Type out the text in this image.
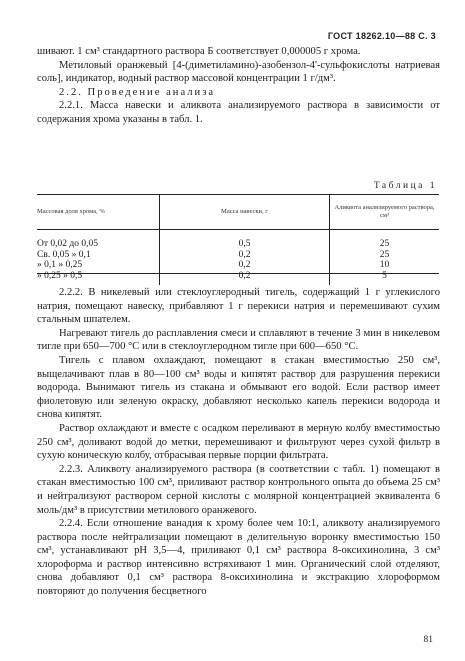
ГОСТ 18262.10—88 С. 3

шивают. 1 см³ стандартного раствора Б соответствует 0,000005 г хрома.

Метиловый оранжевый [4-(диметиламино)-азобензол-4'-сульфокислоты натриевая соль], индикатор, водный раствор массовой концентрации 1 г/дм³.

2.2. Проведение анализа

2.2.1. Масса навески и аликвота анализируемого раствора в зависимости от содержания хрома указаны в табл. 1.

Таблица 1
Массовая доля хрома, %	Масса навески, г	Аликвота анализируемого раствора, см³
От 0,02 до 0,05	0,5	25
Св. 0,05 » 0,1	0,2	25
» 0,1 » 0,25	0,2	10
» 0,25 » 0,5	0,2	5

2.2.2. В никелевый или стеклоуглеродный тигель, содержащий 1 г углекислого натрия, помещают навеску, прибавляют 1 г перекиси натрия и перемешивают сухим стальным шпателем.

Нагревают тигель до расплавления смеси и сплавляют в течение 3 мин в никелевом тигле при 650—700 °С или в стеклоуглеродном тигле при 600—650 °С.

Тигель с плавом охлаждают, помещают в стакан вместимостью 250 см³, выщелачивают плав в 80—100 см³ воды и кипятят раствор для разрушения перекиси водорода. Вынимают тигель из стакана и обмывают его водой. Если раствор имеет фиолетовую или зеленую окраску, добавляют несколько капель перекиси водорода и снова кипятят.

Раствор охлаждают и вместе с осадком переливают в мерную колбу вместимостью 250 см³, доливают водой до метки, перемешивают и фильтруют через сухой фильтр в сухую коническую колбу, отбрасывая первые порции фильтрата.

2.2.3. Аликвоту анализируемого раствора (в соответствии с табл. 1) помещают в стакан вместимостью 100 см³, приливают раствор контрольного опыта до объема 25 см³ и нейтрализуют раствором серной кислоты с молярной концентрацией эквивалента 6 моль/дм³ в присутствии метилового оранжевого.

2.2.4. Если отношение ванадия к хрому более чем 10:1, аликвоту анализируемого раствора после нейтрализации помещают в делительную воронку вместимостью 150 см³, устанавливают pH 3,5—4, приливают 0,1 см³ раствора 8-оксихинолина, 3 см³ хлороформа и раствор интенсивно встряхивают 1 мин. Органический слой отделяют, снова добавляют 0,1 см³ раствора 8-оксихинолина и экстракцию хлороформом повторяют до получения бесцветного

81
